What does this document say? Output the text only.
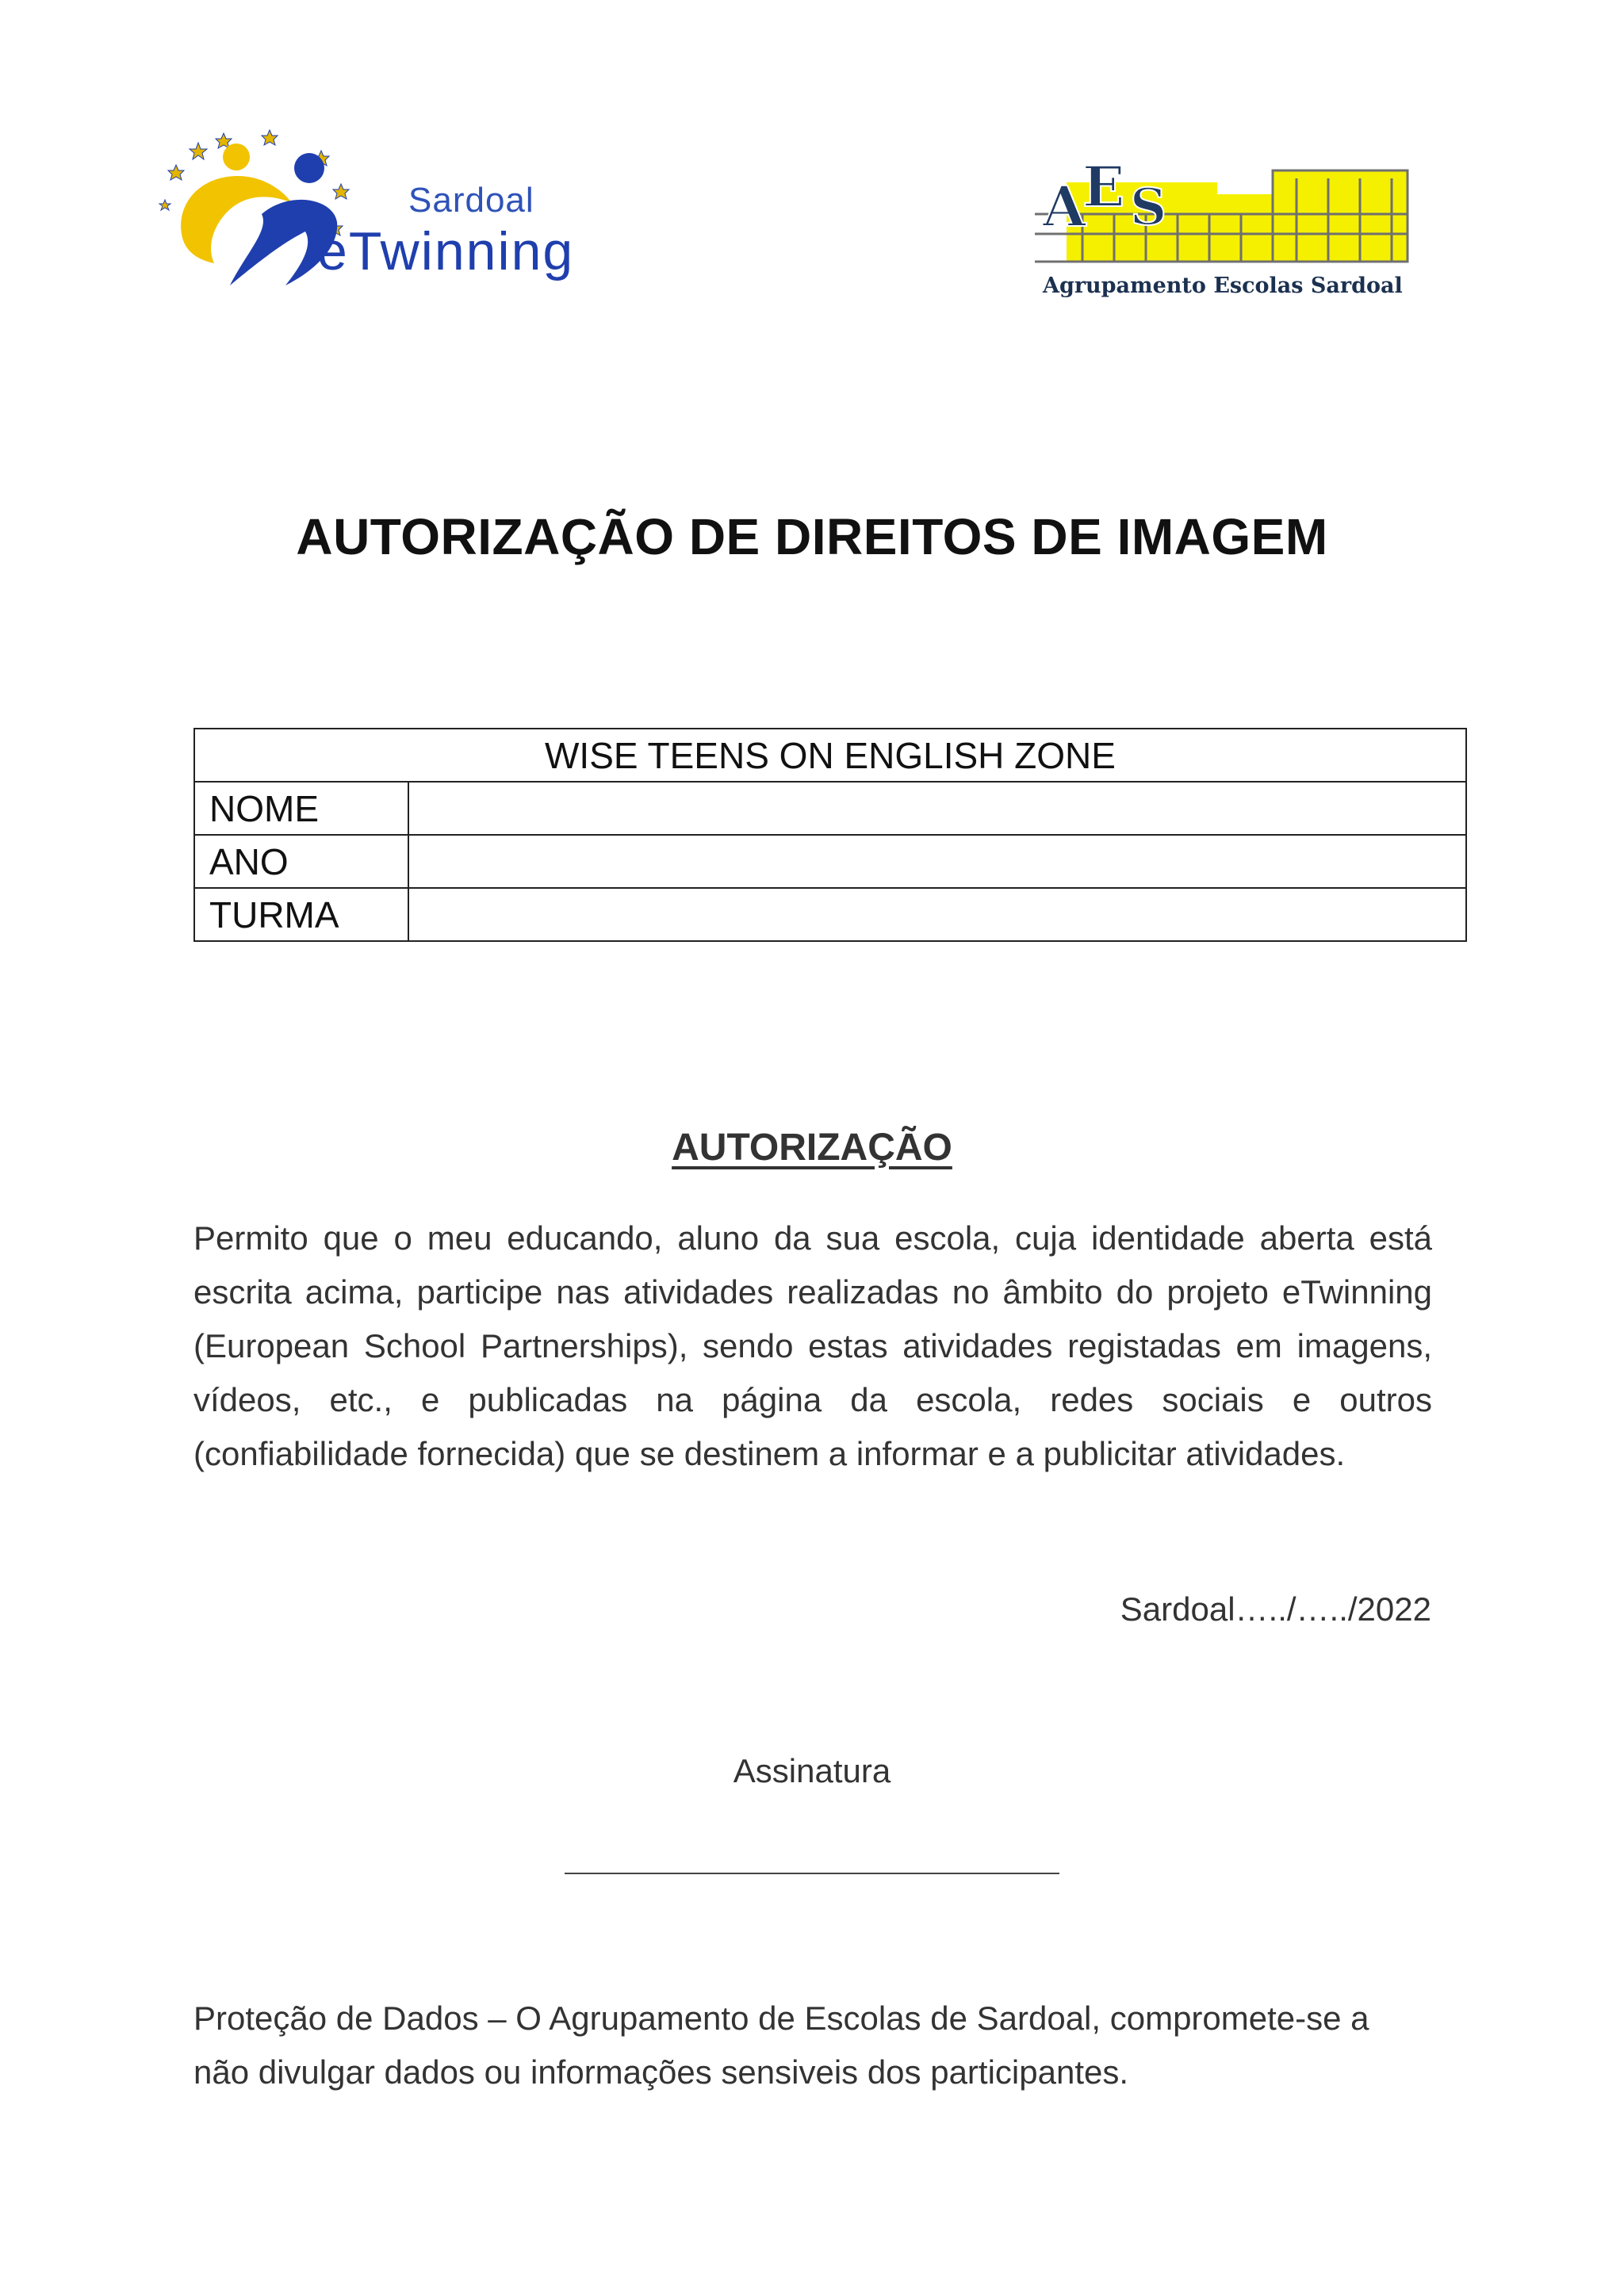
Sardoal
eTwinning
A
E S
Agrupamento Escolas Sardoal
AUTORIZAÇÃO DE DIREITOS DE IMAGEM
WISE TEENS ON ENGLISH ZONE	
NOME	
ANO	
TURMA	
AUTORIZAÇÃO
Permito que o meu educando, aluno da sua escola, cuja identidade aberta está escrita acima, participe nas atividades realizadas no âmbito do projeto eTwinning (European School Partnerships), sendo estas atividades registadas em imagens, vídeos, etc., e publicadas na página da escola, redes sociais e outros (confiabilidade fornecida) que se destinem a informar e a publicitar atividades.
Sardoal…../…../2022
Assinatura
Proteção de Dados – O Agrupamento de Escolas de Sardoal, compromete-se a não divulgar dados ou informações sensiveis dos participantes.
